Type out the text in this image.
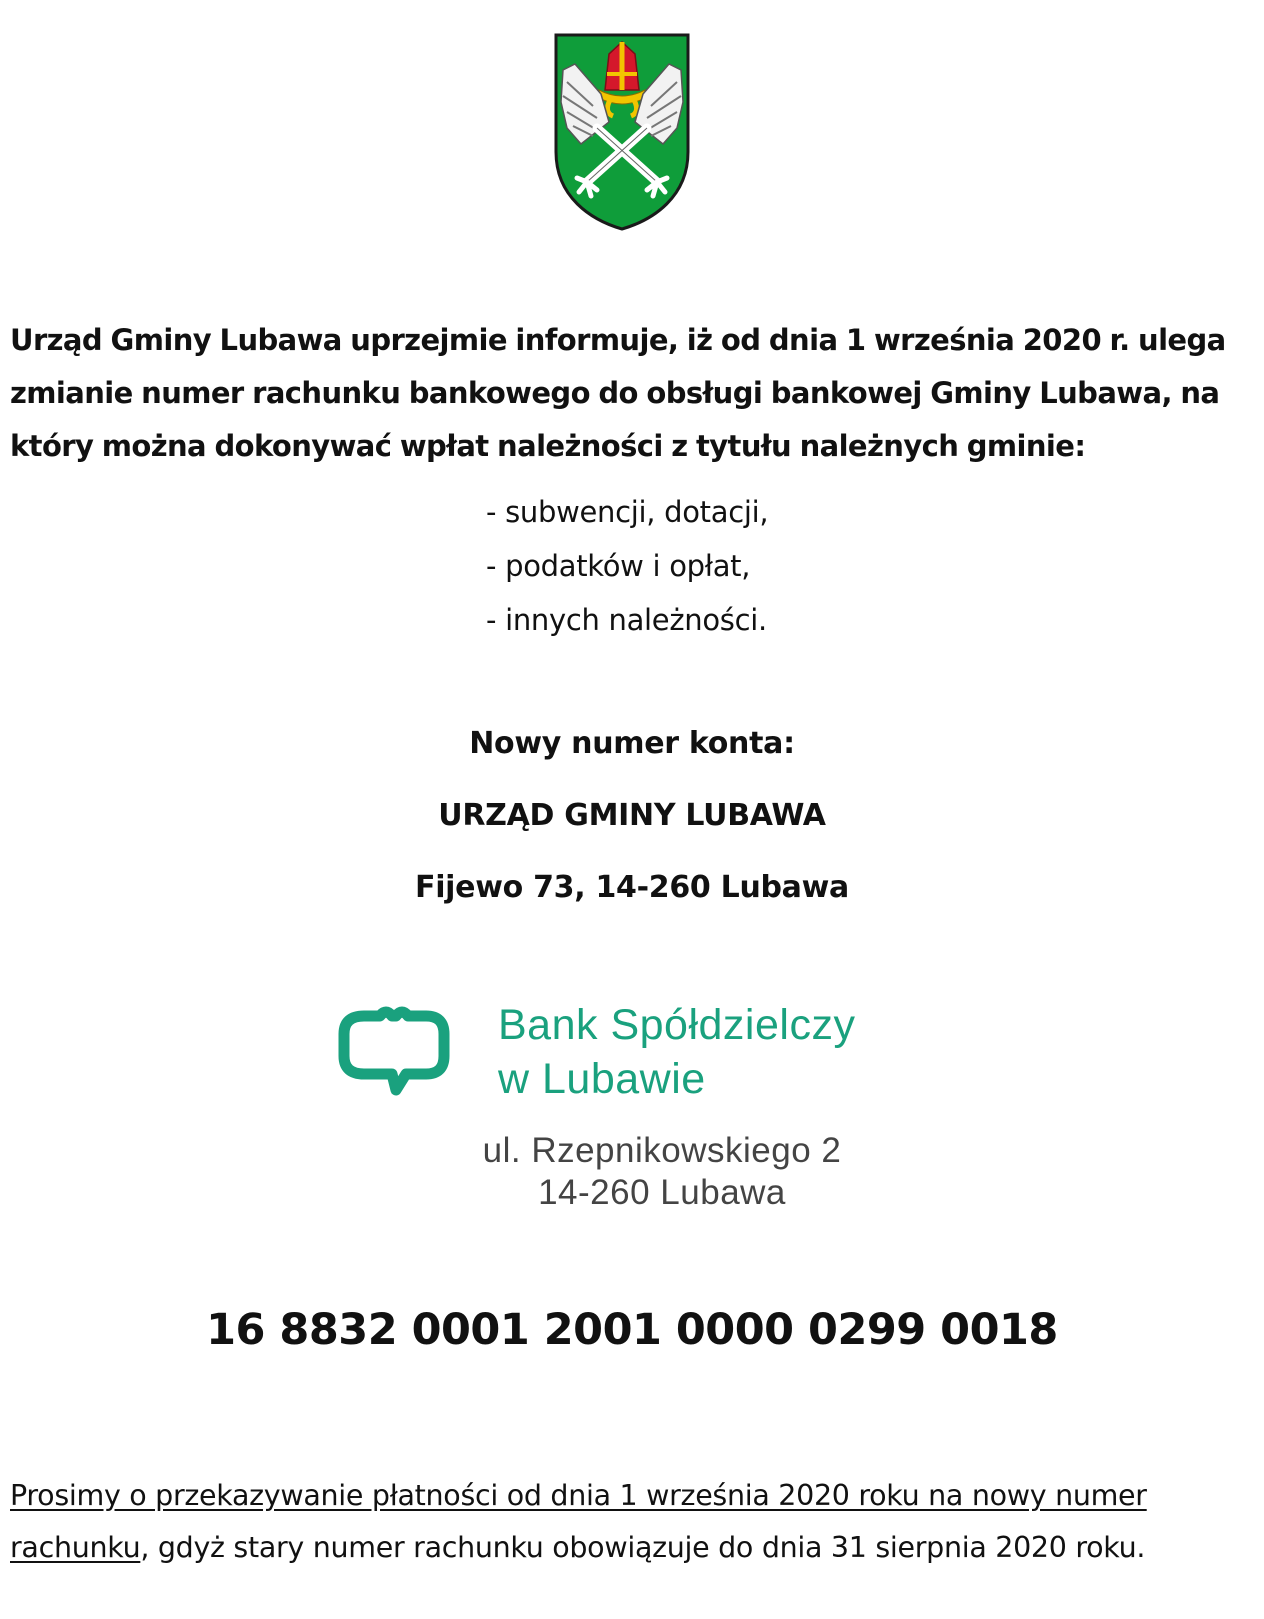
Urząd Gminy Lubawa uprzejmie informuje, iż od dnia 1 września 2020 r. ulega zmianie numer rachunku bankowego do obsługi bankowej Gminy Lubawa, na który można dokonywać wpłat należności z tytułu należnych gminie:

- subwencji, dotacji,
- podatków i opłat,
- innych należności.

Nowy numer konta:

URZĄD GMINY LUBAWA

Fijewo 73, 14-260 Lubawa

Bank Spółdzielczy
w Lubawie
ul. Rzepnikowskiego 2
14-260 Lubawa

16 8832 0001 2001 0000 0299 0018

Prosimy o przekazywanie płatności od dnia 1 września 2020 roku na nowy numer rachunku, gdyż stary numer rachunku obowiązuje do dnia 31 sierpnia 2020 roku.
